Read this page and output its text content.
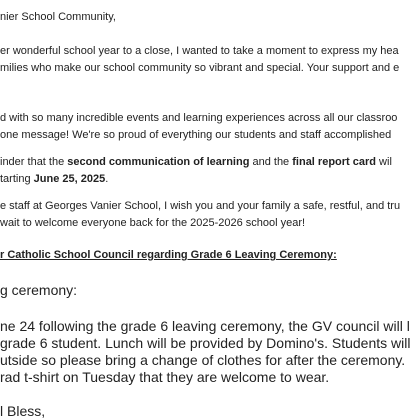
nier School Community,

er wonderful school year to a close, I wanted to take a moment to express my hea

milies who make our school community so vibrant and special. Your support and e

d with so many incredible events and learning experiences across all our classroo

one message! We're so proud of everything our students and staff accomplished

inder that the second communication of learning and the final report card wil

tarting June 25, 2025.

e staff at Georges Vanier School, I wish you and your family a safe, restful, and tru

wait to welcome everyone back for the 2025-2026 school year!

r Catholic School Council regarding Grade 6 Leaving Ceremony:

g ceremony:

ne 24 following the grade 6 leaving ceremony, the GV council will l

grade 6 student. Lunch will be provided by Domino's. Students will

utside so please bring a change of clothes for after the ceremony.

rad t-shirt on Tuesday that they are welcome to wear.

l Bless,
